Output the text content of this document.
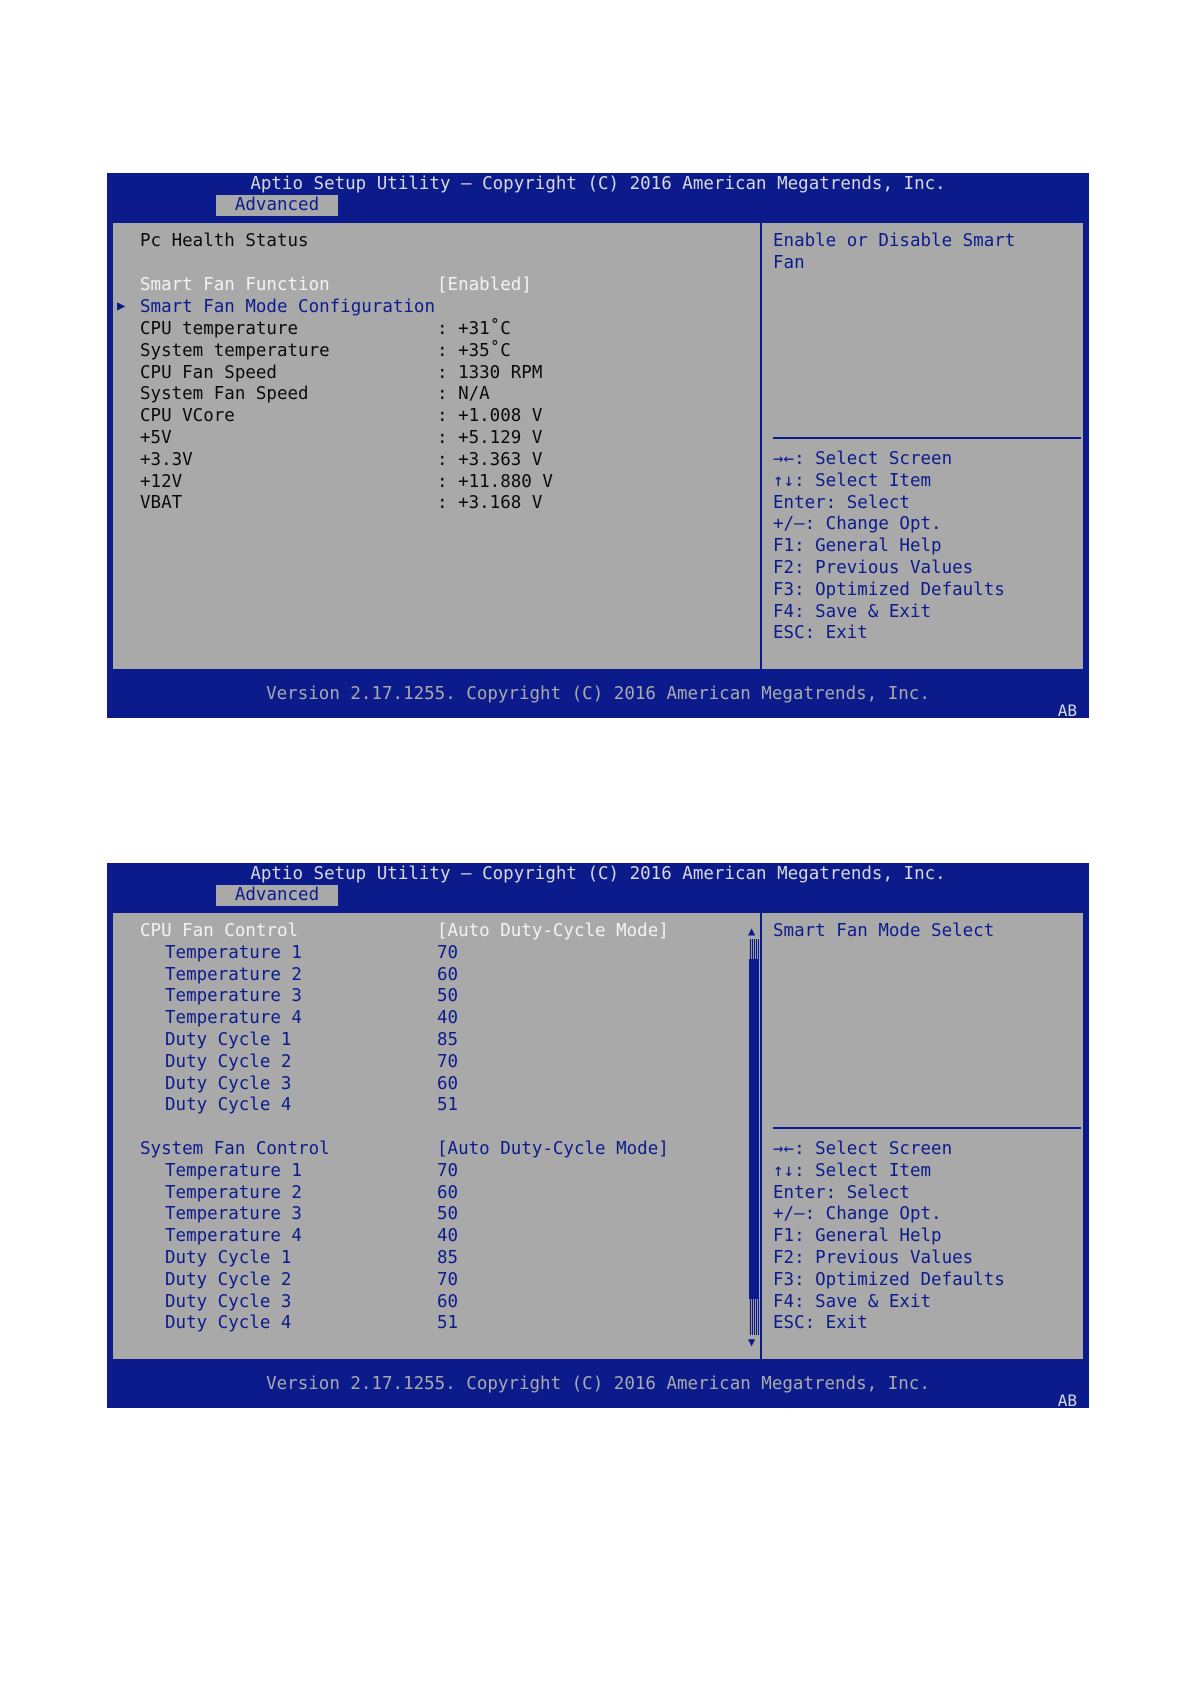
Aptio Setup Utility – Copyright (C) 2016 American Megatrends, Inc.
Advanced
Pc Health Status
Smart Fan Function	[Enabled]
▶ Smart Fan Mode Configuration
CPU temperature	: +31˚C
System temperature	: +35˚C
CPU Fan Speed	: 1330 RPM
System Fan Speed	: N/A
CPU VCore	: +1.008 V
+5V	: +5.129 V
+3.3V	: +3.363 V
+12V	: +11.880 V
VBAT	: +3.168 V
Enable or Disable Smart
Fan
→←: Select Screen
↑↓: Select Item
Enter: Select
+/–: Change Opt.
F1: General Help
F2: Previous Values
F3: Optimized Defaults
F4: Save & Exit
ESC: Exit
Version 2.17.1255. Copyright (C) 2016 American Megatrends, Inc.
AB
Aptio Setup Utility – Copyright (C) 2016 American Megatrends, Inc.
Advanced
CPU Fan Control	[Auto Duty-Cycle Mode]
Temperature 1	70
Temperature 2	60
Temperature 3	50
Temperature 4	40
Duty Cycle 1	85
Duty Cycle 2	70
Duty Cycle 3	60
Duty Cycle 4	51
System Fan Control	[Auto Duty-Cycle Mode]
Temperature 1	70
Temperature 2	60
Temperature 3	50
Temperature 4	40
Duty Cycle 1	85
Duty Cycle 2	70
Duty Cycle 3	60
Duty Cycle 4	51
▲
▼
Smart Fan Mode Select
→←: Select Screen
↑↓: Select Item
Enter: Select
+/–: Change Opt.
F1: General Help
F2: Previous Values
F3: Optimized Defaults
F4: Save & Exit
ESC: Exit
Version 2.17.1255. Copyright (C) 2016 American Megatrends, Inc.
AB
